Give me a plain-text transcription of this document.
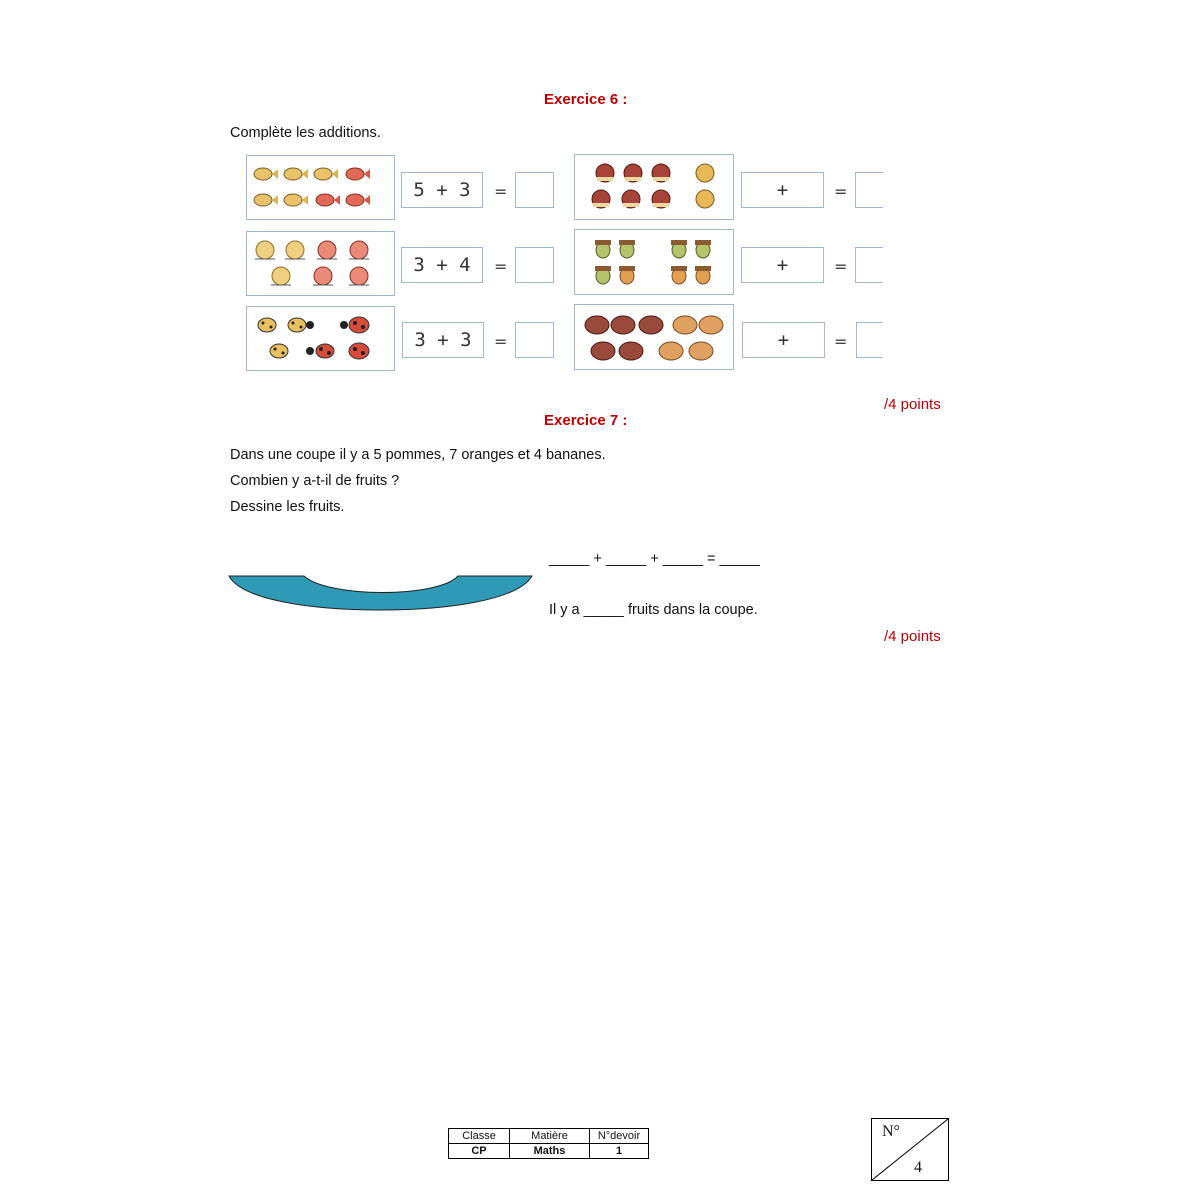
Exercice 6 :
Complète les additions.
5 + 3	=	+	=
3 + 4	=	+	=
3 + 3	=	+	=
/4 points
Exercice 7 :
Dans une coupe il y a 5 pommes, 7 oranges et 4 bananes.
Combien y a-t-il de fruits ?
Dessine les fruits.
_____ + _____ + _____ = _____
Il y a _____ fruits dans la coupe.
/4 points
Classe	Matière	N°devoir
CP	Maths	1
N°
4
